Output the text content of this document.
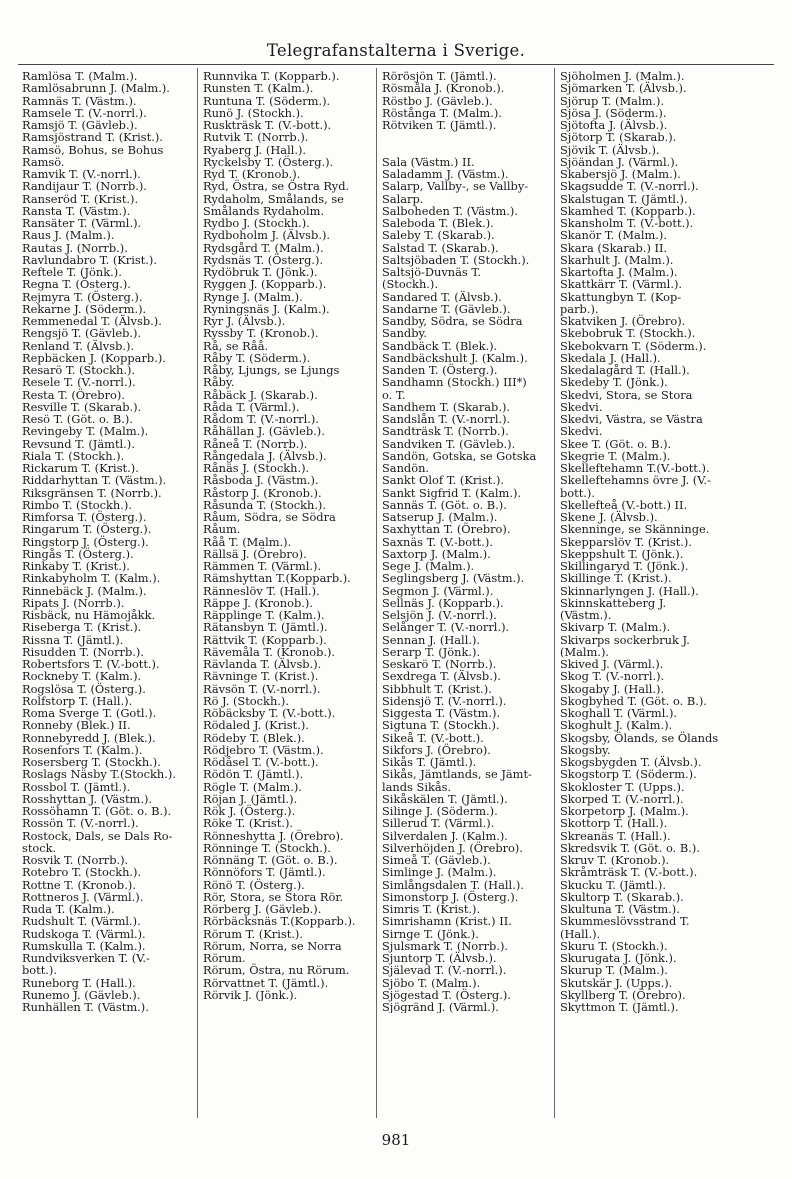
Telegrafanstalterna i Sverige.
Ramlösa T. (Malm.).
Ramlösabrunn J. (Malm.).
Ramnäs T. (Västm.).
Ramsele T. (V.-norrl.).
Ramsjö T. (Gävleb.).
Ramsjöstrand T. (Krist.).
Ramsö, Bohus, se Bohus
Ramsö.
Ramvik T. (V.-norrl.).
Randijaur T. (Norrb.).
Ranseröd T. (Krist.).
Ransta T. (Västm.).
Ransäter T. (Värml.).
Raus J. (Malm.).
Rautas J. (Norrb.).
Ravlundabro T. (Krist.).
Reftele T. (Jönk.).
Regna T. (Österg.).
Rejmyra T. (Österg.).
Rekarne J. (Söderm.).
Remmenedal T. (Älvsb.).
Rengsjö T. (Gävleb.).
Renland T. (Älvsb.).
Repbäcken J. (Kopparb.).
Resarö T. (Stockh.).
Resele T. (V.-norrl.).
Resta T. (Örebro).
Resville T. (Skarab.).
Resö T. (Göt. o. B.).
Revingeby T. (Malm.).
Revsund T. (Jämtl.).
Riala T. (Stockh.).
Rickarum T. (Krist.).
Riddarhyttan T. (Västm.).
Riksgränsen T. (Norrb.).
Rimbo T. (Stockh.).
Rimforsa T. (Österg.).
Ringarum T. (Österg.).
Ringstorp J. (Österg.).
Ringås T. (Österg.).
Rinkaby T. (Krist.).
Rinkabyholm T. (Kalm.).
Rinnebäck J. (Malm.).
Ripats J. (Norrb.).
Risbäck, nu Hämojåkk.
Riseberga T. (Krist.).
Rissna T. (Jämtl.).
Risudden T. (Norrb.).
Robertsfors T. (V.-bott.).
Rockneby T. (Kalm.).
Rogslösa T. (Österg.).
Rolfstorp T. (Hall.).
Roma Sverge T. (Gotl.).
Ronneby (Blek.) II.
Ronnebyredd J. (Blek.).
Rosenfors T. (Kalm.).
Rosersberg T. (Stockh.).
Roslags Näsby T.(Stockh.).
Rossbol T. (Jämtl.).
Rosshyttan J. (Västm.).
Rossöhamn T. (Göt. o. B.).
Rossön T. (V.-norrl.).
Rostock, Dals, se Dals Ro-
stock.
Rosvik T. (Norrb.).
Rotebro T. (Stockh.).
Rottne T. (Kronob.).
Rottneros J. (Värml.).
Ruda T. (Kalm.).
Rudshult T. (Värml.).
Rudskoga T. (Värml.).
Rumskulla T. (Kalm.).
Rundviksverken T. (V.-
bott.).
Runeborg T. (Hall.).
Runemo J. (Gävleb.).
Runhällen T. (Västm.).
Runnvika T. (Kopparb.).
Runsten T. (Kalm.).
Runtuna T. (Söderm.).
Runö J. (Stockh.).
Ruskträsk T. (V.-bott.).
Rutvik T. (Norrb.).
Ryaberg J. (Hall.).
Ryckelsby T. (Österg.).
Ryd T. (Kronob.).
Ryd, Östra, se Östra Ryd.
Rydaholm, Smålands, se
Smålands Rydaholm.
Rydbo J. (Stockh.).
Rydboholm J. (Älvsb.).
Rydsgård T. (Malm.).
Rydsnäs T. (Österg.).
Rydöbruk T. (Jönk.).
Ryggen J. (Kopparb.).
Rynge J. (Malm.).
Ryningsnäs J. (Kalm.).
Ryr J. (Älvsb.).
Ryssby T. (Kronob.).
Rå, se Råå.
Råby T. (Söderm.).
Råby, Ljungs, se Ljungs
Råby.
Råbäck J. (Skarab.).
Råda T. (Värml.).
Rådom T. (V.-norrl.).
Råhällan J. (Gävleb.).
Råneå T. (Norrb.).
Rångedala J. (Älvsb.).
Rånäs J. (Stockh.).
Råsboda J. (Västm.).
Råstorp J. (Kronob.).
Råsunda T. (Stockh.).
Råum, Södra, se Södra
Råum.
Råå T. (Malm.).
Rällsä J. (Örebro).
Rämmen T. (Värml.).
Rämshyttan T.(Kopparb.).
Ränneslöv T. (Hall.).
Räppe J. (Kronob.).
Räpplinge T. (Kalm.).
Rätansbyn T. (Jämtl.).
Rättvik T. (Kopparb.).
Rävemåla T. (Kronob.).
Rävlanda T. (Älvsb.).
Rävninge T. (Krist.).
Rävsön T. (V.-norrl.).
Rö J. (Stockh.).
Röbäcksby T. (V.-bott.).
Rödaled J. (Krist.).
Rödeby T. (Blek.).
Rödjebro T. (Västm.).
Rödåsel T. (V.-bott.).
Rödön T. (Jämtl.).
Rögle T. (Malm.).
Röjan J. (Jämtl.).
Rök J. (Österg.).
Röke T. (Krist.).
Rönneshytta J. (Örebro).
Rönninge T. (Stockh.).
Rönnäng T. (Göt. o. B.).
Rönnöfors T. (Jämtl.).
Rönö T. (Österg.).
Rör, Stora, se Stora Rör.
Rörberg J. (Gävleb.).
Rörbäcksnäs T.(Kopparb.).
Rörum T. (Krist.).
Rörum, Norra, se Norra
Rörum.
Rörum, Östra, nu Rörum.
Rörvattnet T. (Jämtl.).
Rörvik J. (Jönk.).
Rörösjön T. (Jämtl.).
Rösmåla J. (Kronob.).
Röstbo J. (Gävleb.).
Röstånga T. (Malm.).
Rötviken T. (Jämtl.).
Sala (Västm.) II.
Saladamm J. (Västm.).
Salarp, Vallby-, se Vallby-
Salarp.
Salboheden T. (Västm.).
Saleboda T. (Blek.).
Saleby T. (Skarab.).
Salstad T. (Skarab.).
Saltsjöbaden T. (Stockh.).
Saltsjö-Duvnäs T.
(Stockh.).
Sandared T. (Älvsb.).
Sandarne T. (Gävleb.).
Sandby, Södra, se Södra
Sandby.
Sandbäck T. (Blek.).
Sandbäckshult J. (Kalm.).
Sanden T. (Österg.).
Sandhamn (Stockh.) III*)
o. T.
Sandhem T. (Skarab.).
Sandslån T. (V.-norrl.).
Sandträsk T. (Norrb.).
Sandviken T. (Gävleb.).
Sandön, Gotska, se Gotska
Sandön.
Sankt Olof T. (Krist.).
Sankt Sigfrid T. (Kalm.).
Sannäs T. (Göt. o. B.).
Satserup J. (Malm.).
Saxhyttan T. (Örebro).
Saxnäs T. (V.-bott.).
Saxtorp J. (Malm.).
Sege J. (Malm.).
Seglingsberg J. (Västm.).
Segmon J. (Värml.).
Sellnäs J. (Kopparb.).
Selsjön J. (V.-norrl.).
Selånger T. (V.-norrl.).
Sennan J. (Hall.).
Serarp T. (Jönk.).
Seskarö T. (Norrb.).
Sexdrega T. (Älvsb.).
Sibbhult T. (Krist.).
Sidensjö T. (V.-norrl.).
Siggesta T. (Västm.).
Sigtuna T. (Stockh.).
Sikeå T. (V.-bott.).
Sikfors J. (Örebro).
Sikås T. (Jämtl.).
Sikås, Jämtlands, se Jämt-
lands Sikås.
Sikåskälen T. (Jämtl.).
Silinge J. (Söderm.).
Sillerud T. (Värml.).
Silverdalen J. (Kalm.).
Silverhöjden J. (Örebro).
Simeå T. (Gävleb.).
Simlinge J. (Malm.).
Simlångsdalen T. (Hall.).
Simonstorp J. (Österg.).
Simris T. (Krist.).
Simrishamn (Krist.) II.
Sirnge T. (Jönk.).
Sjulsmark T. (Norrb.).
Sjuntorp T. (Älvsb.).
Själevad T. (V.-norrl.).
Sjöbo T. (Malm.).
Sjögestad T. (Österg.).
Sjögränd J. (Värml.).
Sjöholmen J. (Malm.).
Sjömarken T. (Älvsb.).
Sjörup T. (Malm.).
Sjösa J. (Söderm.).
Sjötofta J. (Älvsb.).
Sjötorp T. (Skarab.).
Sjövik T. (Älvsb.).
Sjöändan J. (Värml.).
Skabersjö J. (Malm.).
Skagsudde T. (V.-norrl.).
Skalstugan T. (Jämtl.).
Skamhed T. (Kopparb.).
Skansholm T. (V.-bott.).
Skanör T. (Malm.).
Skara (Skarab.) II.
Skarhult J. (Malm.).
Skartofta J. (Malm.).
Skattkärr T. (Värml.).
Skattungbyn T. (Kop-
parb.).
Skatviken J. (Örebro).
Skebobruk T. (Stockh.).
Skebokvarn T. (Söderm.).
Skedala J. (Hall.).
Skedalagård T. (Hall.).
Skedeby T. (Jönk.).
Skedvi, Stora, se Stora
Skedvi.
Skedvi, Västra, se Västra
Skedvi.
Skee T. (Göt. o. B.).
Skegrie T. (Malm.).
Skelleftehamn T.(V.-bott.).
Skelleftehamns övre J. (V.-
bott.).
Skellefteå (V.-bott.) II.
Skene J. (Älvsb.).
Skenninge, se Skänninge.
Skepparslöv T. (Krist.).
Skeppshult T. (Jönk.).
Skillingaryd T. (Jönk.).
Skillinge T. (Krist.).
Skinnarlyngen J. (Hall.).
Skinnskatteberg J.
(Västm.).
Skivarp T. (Malm.).
Skivarps sockerbruk J.
(Malm.).
Skived J. (Värml.).
Skog T. (V.-norrl.).
Skogaby J. (Hall.).
Skogbyhed T. (Göt. o. B.).
Skoghall T. (Värml.).
Skoghult J. (Kalm.).
Skogsby, Ölands, se Ölands
Skogsby.
Skogsbygden T. (Älvsb.).
Skogstorp T. (Söderm.).
Skokloster T. (Upps.).
Skorped T. (V.-norrl.).
Skorpetorp J. (Malm.).
Skottorp T. (Hall.).
Skreanäs T. (Hall.).
Skredsvik T. (Göt. o. B.).
Skruv T. (Kronob.).
Skråmträsk T. (V.-bott.).
Skucku T. (Jämtl.).
Skultorp T. (Skarab.).
Skultuna T. (Västm.).
Skummeslövsstrand T.
(Hall.).
Skuru T. (Stockh.).
Skurugata J. (Jönk.).
Skurup T. (Malm.).
Skutskär J. (Upps.).
Skyllberg T. (Örebro).
Skyttmon T. (Jämtl.).
981
